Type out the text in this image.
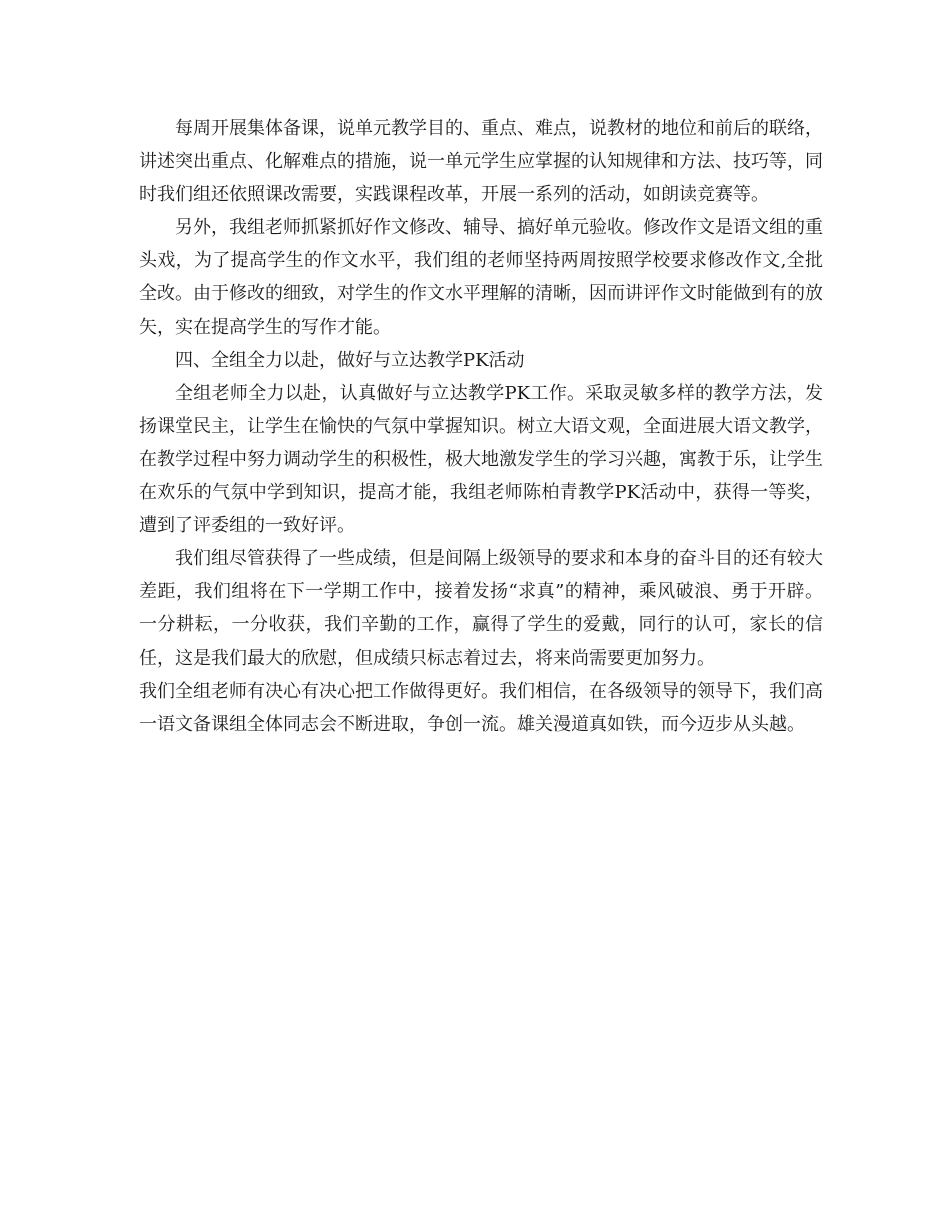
每周开展集体备课，说单元教学目的、重点、难点，说教材的地位和前后的联络，讲述突出重点、化解难点的措施，说一单元学生应掌握的认知规律和方法、技巧等，同时我们组还依照课改需要，实践课程改革，开展一系列的活动，如朗读竞赛等。

另外，我组老师抓紧抓好作文修改、辅导、搞好单元验收。修改作文是语文组的重头戏，为了提高学生的作文水平，我们组的老师坚持两周按照学校要求修改作文,全批全改。由于修改的细致，对学生的作文水平理解的清晰，因而讲评作文时能做到有的放矢，实在提高学生的写作才能。

四、全组全力以赴，做好与立达教学PK活动

全组老师全力以赴，认真做好与立达教学PK工作。采取灵敏多样的教学方法，发扬课堂民主，让学生在愉快的气氛中掌握知识。树立大语文观，全面进展大语文教学，在教学过程中努力调动学生的积极性，极大地激发学生的学习兴趣，寓教于乐，让学生在欢乐的气氛中学到知识，提高才能，我组老师陈柏青教学PK活动中，获得一等奖，遭到了评委组的一致好评。

我们组尽管获得了一些成绩，但是间隔上级领导的要求和本身的奋斗目的还有较大差距，我们组将在下一学期工作中，接着发扬“求真”的精神，乘风破浪、勇于开辟。一分耕耘，一分收获，我们辛勤的工作，赢得了学生的爱戴，同行的认可，家长的信任，这是我们最大的欣慰，但成绩只标志着过去，将来尚需要更加努力。

我们全组老师有决心有决心把工作做得更好。我们相信，在各级领导的领导下，我们高一语文备课组全体同志会不断进取，争创一流。雄关漫道真如铁，而今迈步从头越。
